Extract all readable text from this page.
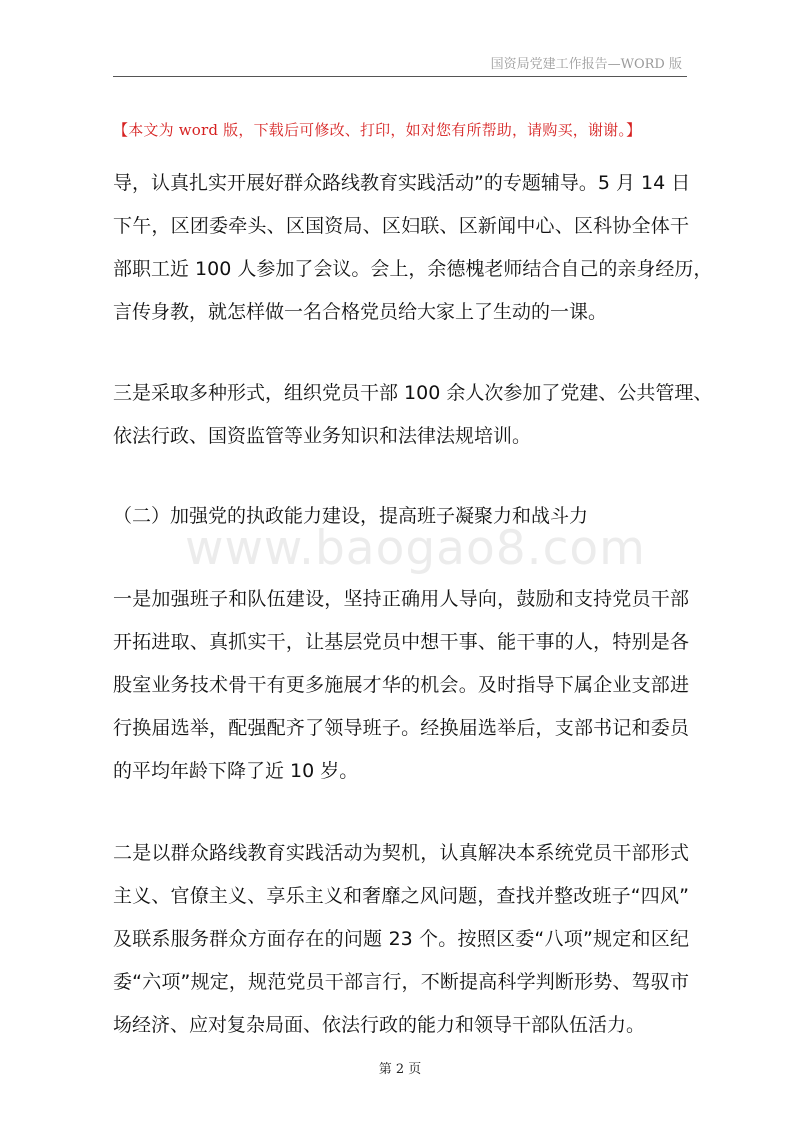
国资局党建工作报告—WORD 版
【本文为 word 版，下载后可修改、打印，如对您有所帮助，请购买，谢谢。】
www.baogao8.com
导，认真扎实开展好群众路线教育实践活动”的专题辅导。5 月 14 日
下午，区团委牵头、区国资局、区妇联、区新闻中心、区科协全体干
部职工近 100 人参加了会议。会上，余德槐老师结合自己的亲身经历，
言传身教，就怎样做一名合格党员给大家上了生动的一课。
三是采取多种形式，组织党员干部 100 余人次参加了党建、公共管理、
依法行政、国资监管等业务知识和法律法规培训。
（二）加强党的执政能力建设，提高班子凝聚力和战斗力
一是加强班子和队伍建设，坚持正确用人导向，鼓励和支持党员干部
开拓进取、真抓实干，让基层党员中想干事、能干事的人，特别是各
股室业务技术骨干有更多施展才华的机会。及时指导下属企业支部进
行换届选举，配强配齐了领导班子。经换届选举后，支部书记和委员
的平均年龄下降了近 10 岁。
二是以群众路线教育实践活动为契机，认真解决本系统党员干部形式
主义、官僚主义、享乐主义和奢靡之风问题，查找并整改班子“四风”
及联系服务群众方面存在的问题 23 个。按照区委“八项”规定和区纪
委“六项”规定，规范党员干部言行，不断提高科学判断形势、驾驭市
场经济、应对复杂局面、依法行政的能力和领导干部队伍活力。
第 2 页
